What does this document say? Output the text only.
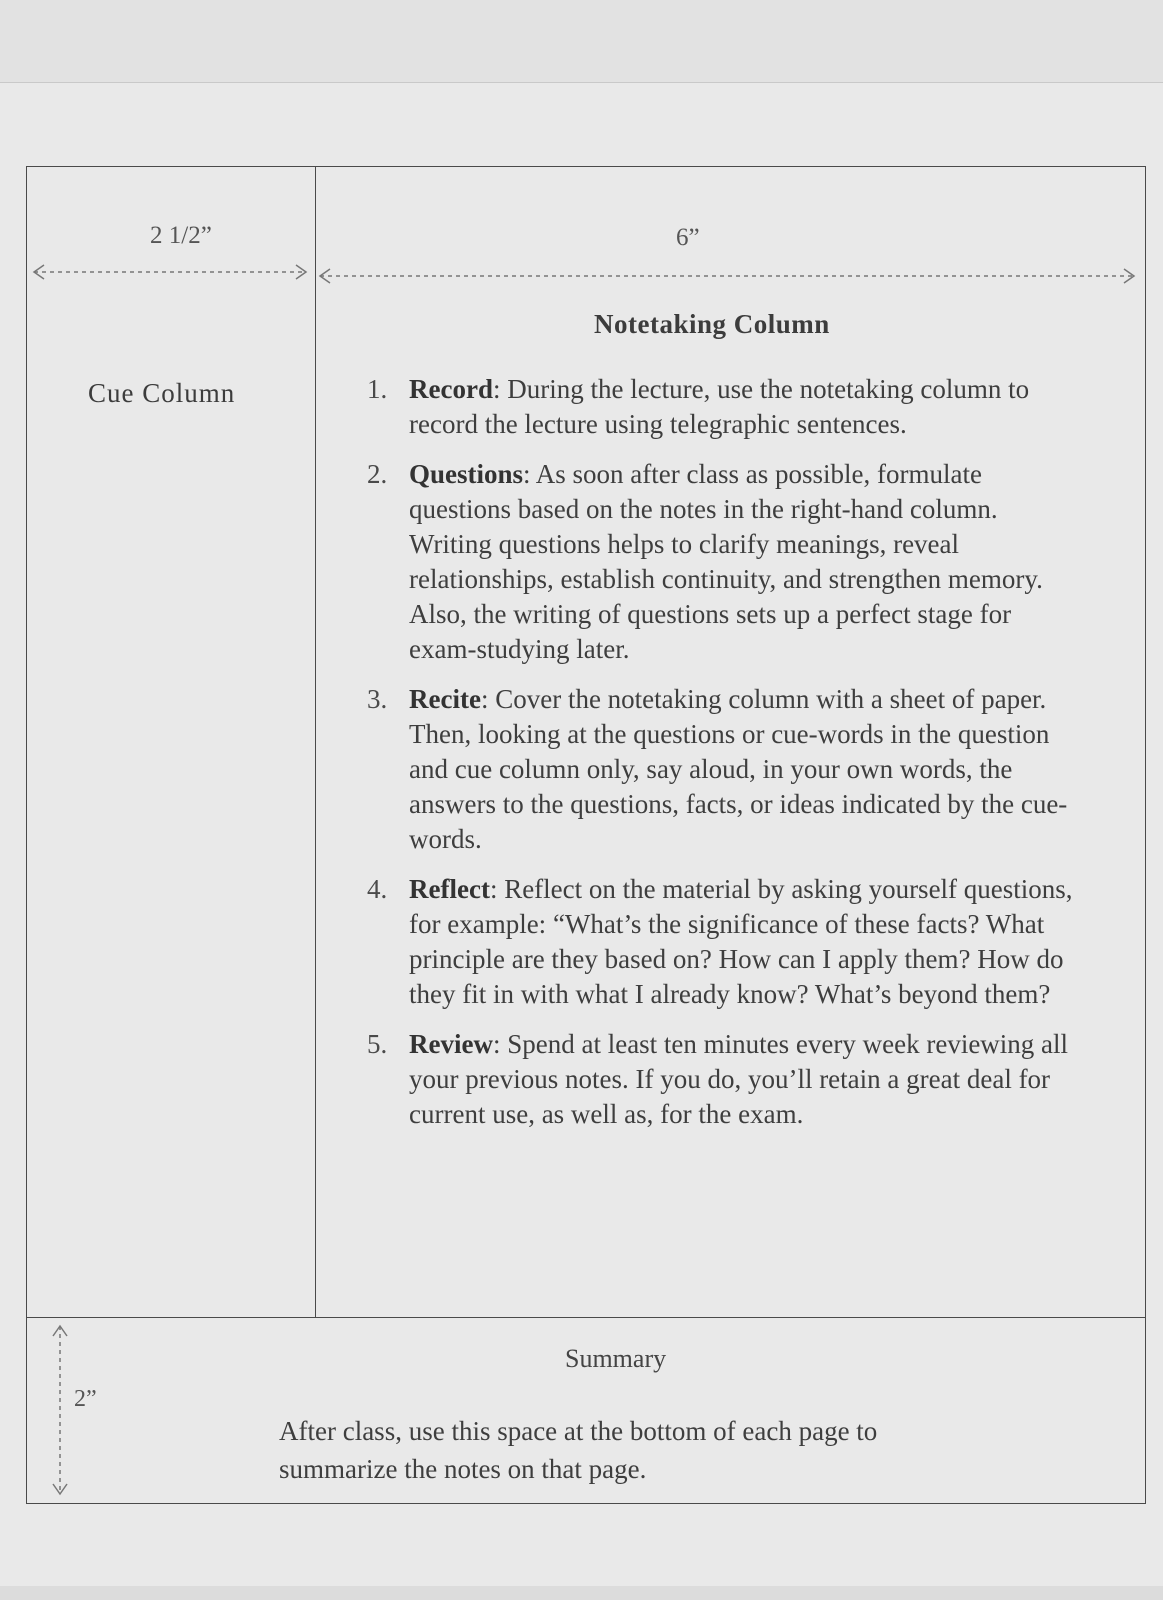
2 1/2”	6”
2”
Cue Column
Notetaking Column
1. Record: During the lecture, use the notetaking column to record the lecture using telegraphic sentences.
2. Questions: As soon after class as possible, formulate questions based on the notes in the right-hand column. Writing questions helps to clarify meanings, reveal relationships, establish continuity, and strengthen memory. Also, the writing of questions sets up a perfect stage for exam-studying later.
3. Recite: Cover the notetaking column with a sheet of paper. Then, looking at the questions or cue-words in the question and cue column only, say aloud, in your own words, the answers to the questions, facts, or ideas indicated by the cue-words.
4. Reflect: Reflect on the material by asking yourself questions, for example: “What’s the significance of these facts? What principle are they based on? How can I apply them? How do they fit in with what I already know? What’s beyond them?
5. Review: Spend at least ten minutes every week reviewing all your previous notes. If you do, you’ll retain a great deal for current use, as well as, for the exam.
Summary
After class, use this space at the bottom of each page to summarize the notes on that page.
